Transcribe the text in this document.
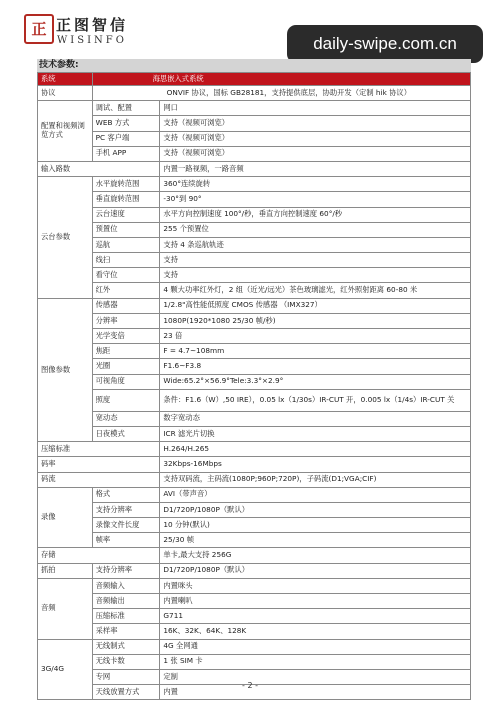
正 正图智信
WISINFO	daily-swipe.com.cn
技术参数:
系统	海思嵌入式系统	
协议	ONVIF 协议，国标 GB28181，支持提供底层，协助开发（定制 hik 协议）	
配置和视频浏览方式	调试、配置	网口
	WEB 方式	支持（视频可浏览）
	PC 客户端	支持（视频可浏览）
	手机 APP	支持（视频可浏览）
输入路数		内置一路视频，一路音频
云台参数	水平旋转范围	360°连续旋转
	垂直旋转范围	-30°到 90°
	云台速度	水平方向控制速度 100°/秒，垂直方向控制速度 60°/秒
	预置位	255 个预置位
	巡航	支持 4 条巡航轨迹
	线扫	支持
	看守位	支持
	红外	4 颗大功率红外灯，2 组（近光/远光）茶色玻璃滤光，红外照射距离 60-80 米
图像参数	传感器	1/2.8"高性能低照度 CMOS 传感器 （IMX327）
	分辨率	1080P(1920*1080 25/30 帧/秒)
	光学变倍	23 倍
	焦距	F = 4.7~108mm
	光圈	F1.6~F3.8
	可视角度	Wide:65.2°×56.9°Tele:3.3°×2.9°
	照度	条件：F1.6（W）,50 IRE），0.05 lx（1/30s）IR-CUT 开，0.005 lx（1/4s）IR-CUT 关
	宽动态	数字宽动态
	日夜模式	ICR 滤光片切换
压缩标准		H.264/H.265
码率		32Kbps-16Mbps
码流		支持双码流，主码流(1080P;960P;720P)，子码流(D1;VGA;CIF)
录像	格式	AVI（带声音）
	支持分辨率	D1/720P/1080P（默认）
	录像文件长度	10 分钟(默认)
	帧率	25/30 帧
存储		单卡,最大支持 256G
抓拍	支持分辨率	D1/720P/1080P（默认）
音频	音频输入	内置咪头
	音频输出	内置喇叭
	压缩标准	G711
	采样率	16K、32K、64K、128K
3G/4G	无线制式	4G 全网通
	无线卡数	1 张 SIM 卡
	专网	定制
	天线放置方式	内置
- 2 -
